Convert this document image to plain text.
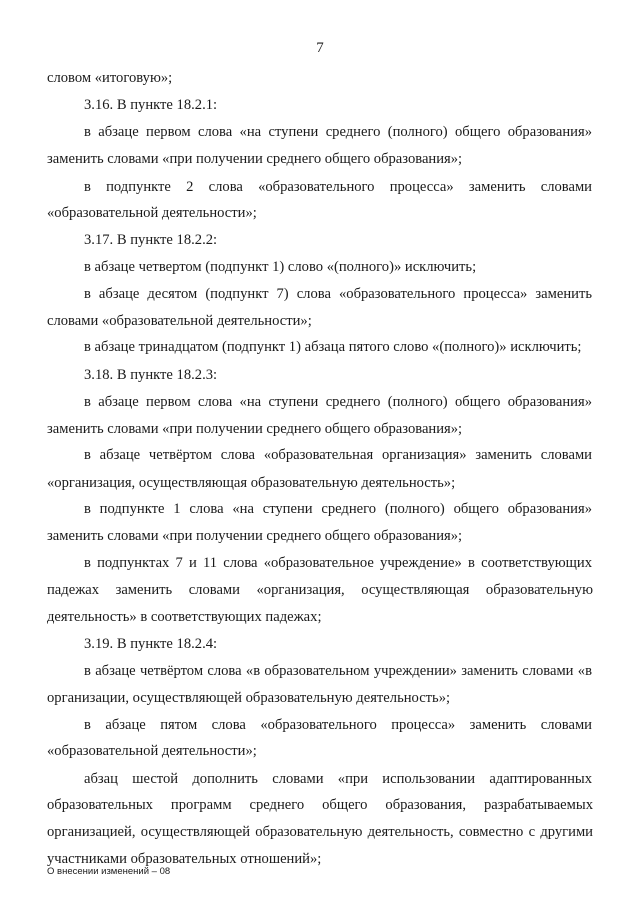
7
словом «итоговую»;
3.16. В пункте 18.2.1:
в абзаце первом слова «на ступени среднего (полного) общего образования»
заменить словами «при получении среднего общего образования»;
в подпункте 2 слова «образовательного процесса» заменить словами
«образовательной деятельности»;
3.17. В пункте 18.2.2:
в абзаце четвертом (подпункт 1) слово «(полного)» исключить;
в абзаце десятом (подпункт 7) слова «образовательного процесса» заменить
словами «образовательной деятельности»;
в абзаце тринадцатом (подпункт 1) абзаца пятого слово «(полного)» исключить;
3.18. В пункте 18.2.3:
в абзаце первом слова «на ступени среднего (полного) общего образования»
заменить словами «при получении среднего общего образования»;
в абзаце четвёртом слова «образовательная организация» заменить словами
«организация, осуществляющая образовательную деятельность»;
в подпункте 1 слова «на ступени среднего (полного) общего образования»
заменить словами «при получении среднего общего образования»;
в подпунктах 7 и 11 слова «образовательное учреждение» в соответствующих
падежах заменить словами «организация, осуществляющая образовательную
деятельность» в соответствующих падежах;
3.19. В пункте 18.2.4:
в абзаце четвёртом слова «в образовательном учреждении» заменить словами «в
организации, осуществляющей образовательную деятельность»;
в абзаце пятом слова «образовательного процесса» заменить словами
«образовательной деятельности»;
абзац шестой дополнить словами «при использовании адаптированных
образовательных программ среднего общего образования, разрабатываемых
организацией, осуществляющей образовательную деятельность, совместно с другими
участниками образовательных отношений»;
О внесении изменений – 08
